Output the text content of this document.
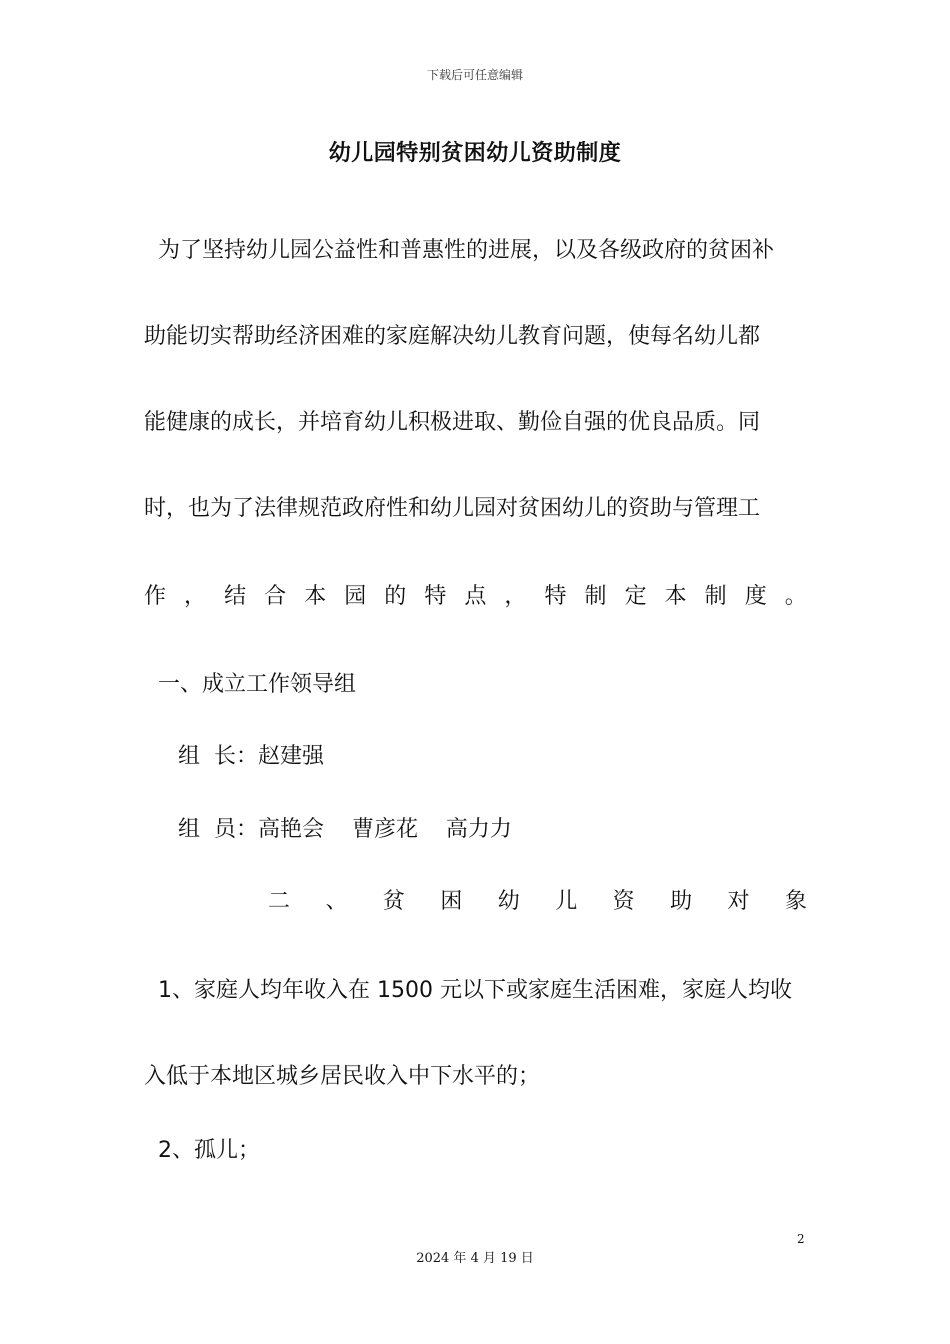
下载后可任意编辑
幼儿园特别贫困幼儿资助制度
为了坚持幼儿园公益性和普惠性的进展，以及各级政府的贫困补
助能切实帮助经济困难的家庭解决幼儿教育问题，使每名幼儿都
能健康的成长，并培育幼儿积极进取、勤俭自强的优良品质。同
时，也为了法律规范政府性和幼儿园对贫困幼儿的资助与管理工
作 ， 结 合 本 园 的 特 点 ， 特 制 定 本 制 度 。
一、成立工作领导组
组  长：赵建强
组  员：高艳会    曹彦花    高力力
二 、 贫 困 幼 儿 资 助 对 象
1、家庭人均年收入在 1500 元以下或家庭生活困难，家庭人均收
入低于本地区城乡居民收入中下水平的；
2、孤儿；
2
2024 年 4 月 19 日
